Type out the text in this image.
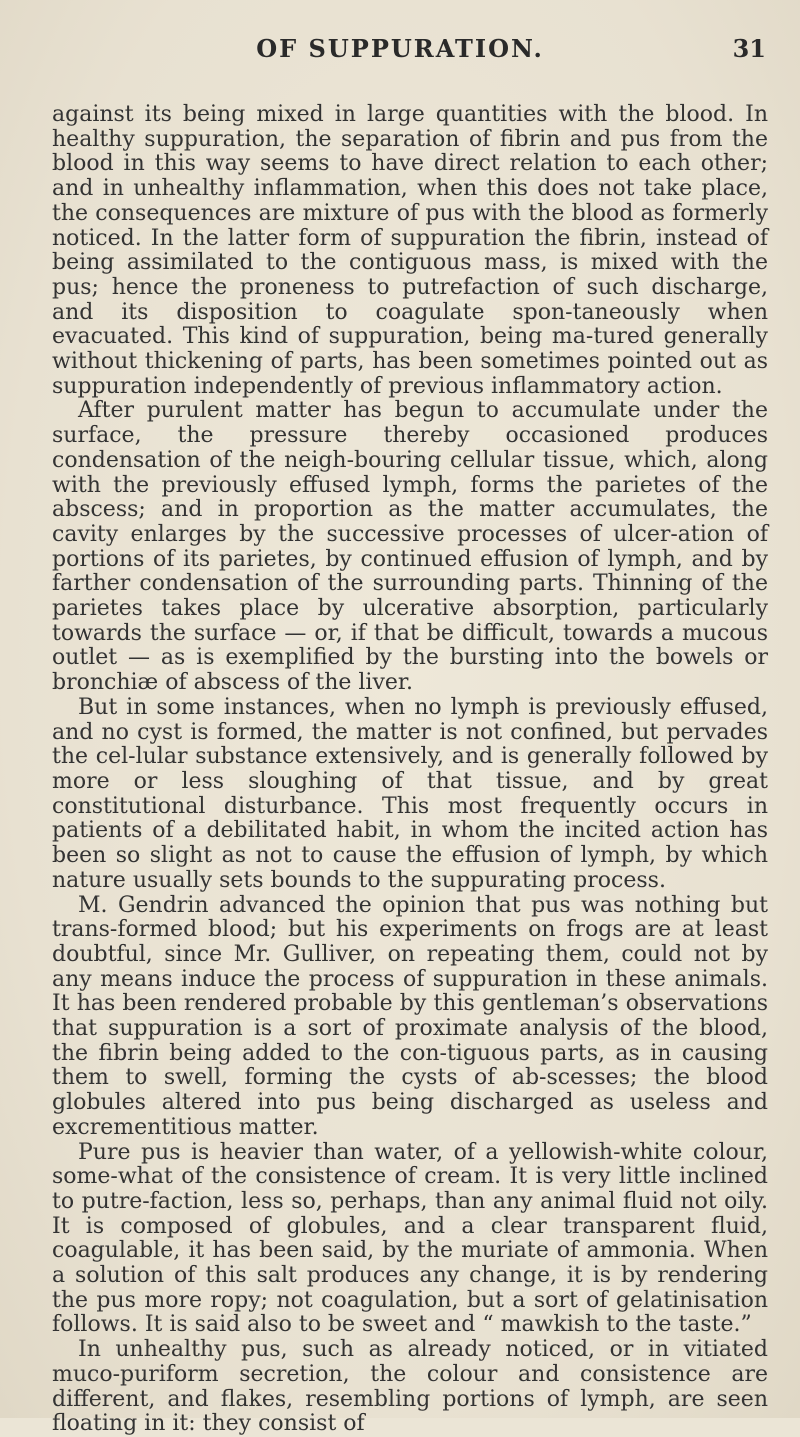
OF SUPPURATION.	31

against its being mixed in large quantities with the blood. In healthy suppuration, the separation of fibrin and pus from the blood in this way seems to have direct relation to each other; and in unhealthy inflammation, when this does not take place, the consequences are mixture of pus with the blood as formerly noticed. In the latter form of suppuration the fibrin, instead of being assimilated to the contiguous mass, is mixed with the pus; hence the proneness to putrefaction of such discharge, and its disposition to coagulate spon-taneously when evacuated. This kind of suppuration, being ma-tured generally without thickening of parts, has been sometimes pointed out as suppuration independently of previous inflammatory action.

After purulent matter has begun to accumulate under the surface, the pressure thereby occasioned produces condensation of the neigh-bouring cellular tissue, which, along with the previously effused lymph, forms the parietes of the abscess; and in proportion as the matter accumulates, the cavity enlarges by the successive processes of ulcer-ation of portions of its parietes, by continued effusion of lymph, and by farther condensation of the surrounding parts. Thinning of the parietes takes place by ulcerative absorption, particularly towards the surface — or, if that be difficult, towards a mucous outlet — as is exemplified by the bursting into the bowels or bronchiæ of abscess of the liver.

But in some instances, when no lymph is previously effused, and no cyst is formed, the matter is not confined, but pervades the cel-lular substance extensively, and is generally followed by more or less sloughing of that tissue, and by great constitutional disturbance. This most frequently occurs in patients of a debilitated habit, in whom the incited action has been so slight as not to cause the effusion of lymph, by which nature usually sets bounds to the suppurating process.

M. Gendrin advanced the opinion that pus was nothing but trans-formed blood; but his experiments on frogs are at least doubtful, since Mr. Gulliver, on repeating them, could not by any means induce the process of suppuration in these animals. It has been rendered probable by this gentleman’s observations that suppuration is a sort of proximate analysis of the blood, the fibrin being added to the con-tiguous parts, as in causing them to swell, forming the cysts of ab-scesses; the blood globules altered into pus being discharged as useless and excrementitious matter.

Pure pus is heavier than water, of a yellowish-white colour, some-what of the consistence of cream. It is very little inclined to putre-faction, less so, perhaps, than any animal fluid not oily. It is composed of globules, and a clear transparent fluid, coagulable, it has been said, by the muriate of ammonia. When a solution of this salt produces any change, it is by rendering the pus more ropy; not coagulation, but a sort of gelatinisation follows. It is said also to be sweet and “ mawkish to the taste.”

In unhealthy pus, such as already noticed, or in vitiated muco-puriform secretion, the colour and consistence are different, and flakes, resembling portions of lymph, are seen floating in it: they consist of
